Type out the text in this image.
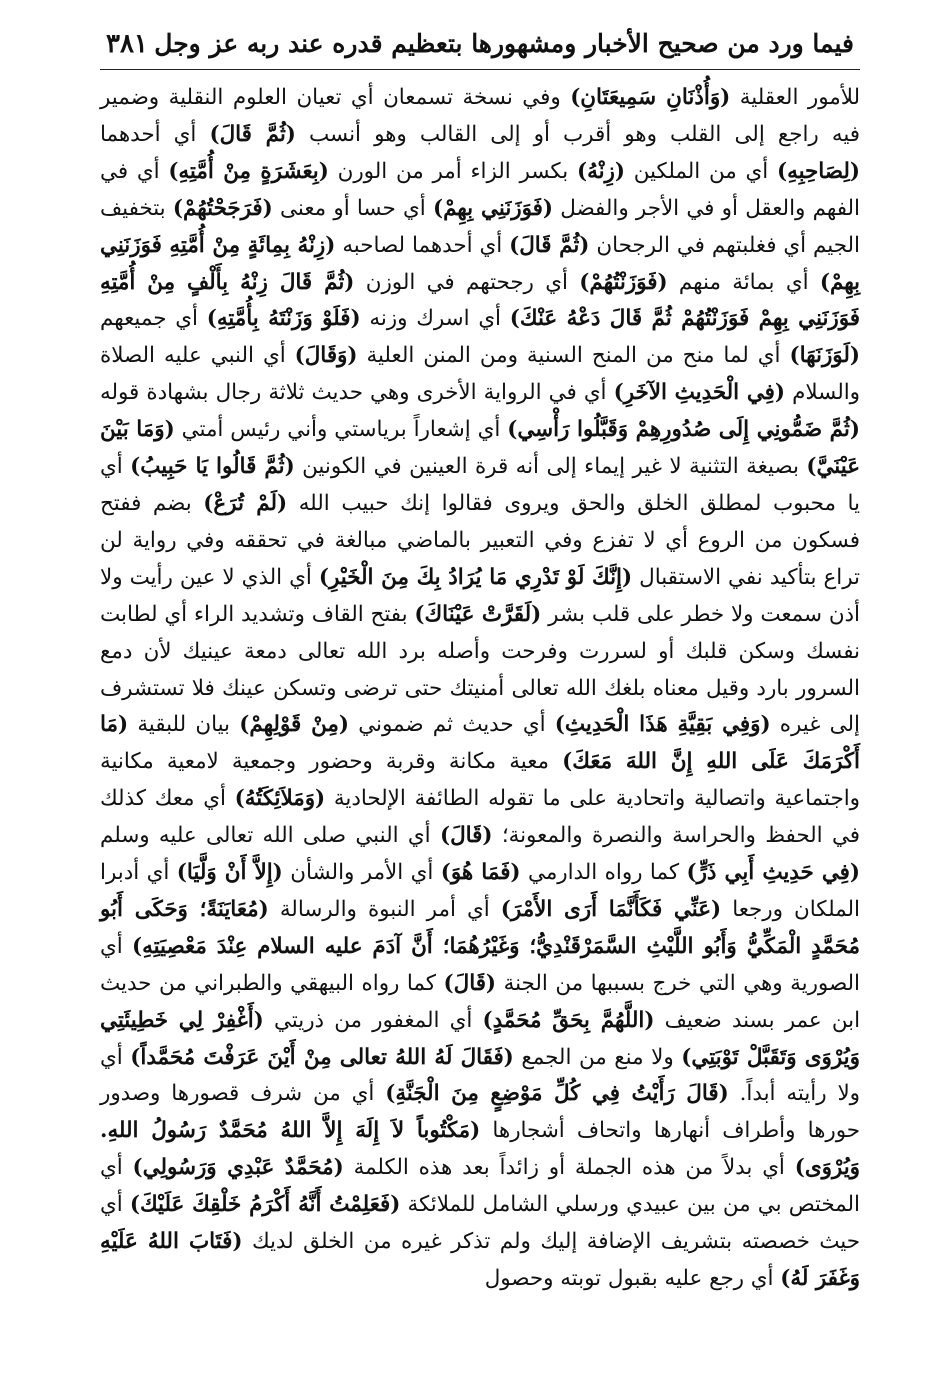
فيما ورد من صحيح الأخبار ومشهورها بتعظيم قدره عند ربه عز وجل
٣٨١
للأمور العقلية (وَأُذْنَانِ سَمِيعَتَانِ) وفي نسخة تسمعان أي تعيان العلوم النقلية وضمير فيه راجع إلى القلب وهو أقرب أو إلى القالب وهو أنسب (ثُمَّ قَالَ) أي أحدهما (لِصَاحِبِهِ) أي من الملكين (زِنْهُ) بكسر الزاء أمر من الورن (بِعَشَرَةٍ مِنْ أُمَّتِهِ) أي في الفهم والعقل أو في الأجر والفضل (فَوَزَنَنِي بِهِمْ) أي حسا أو معنى (فَرَجَحْتُهُمْ) بتخفيف الجيم أي فغلبتهم في الرجحان (ثُمَّ قَالَ) أي أحدهما لصاحبه (زِنْهُ بِمِائَةٍ مِنْ أُمَّتِهِ فَوَزَنَنِي بِهِمْ) أي بمائة منهم (فَوَزَنْتُهُمْ) أي رجحتهم في الوزن (ثُمَّ قَالَ زِنْهُ بِأَلْفٍ مِنْ أُمَّتِهِ فَوَزَنَنِي بِهِمْ فَوَزَنْتُهُمْ ثُمَّ قَالَ دَعْهُ عَنْكَ) أي اسرك وزنه (فَلَوْ وَزَنْتَهُ بِأُمَّتِهِ) أي جميعهم (لَوَزَنَهَا) أي لما منح من المنح السنية ومن المنن العلية (وَقَالَ) أي النبي عليه الصلاة والسلام (فِي الْحَدِيثِ الآخَرِ) أي في الرواية الأخرى وهي حديث ثلاثة رجال بشهادة قوله (ثُمَّ ضَمُّونِي إِلَى صُدُورِهِمْ وَقَبَّلُوا رَأْسِي) أي إشعاراً برياستي وأني رئيس أمتي (وَمَا بَيْنَ عَيْنَيَّ) بصيغة التثنية لا غير إيماء إلى أنه قرة العينين في الكونين (ثُمَّ قَالُوا يَا حَبِيبُ) أي يا محبوب لمطلق الخلق والحق ويروى فقالوا إنك حبيب الله (لَمْ تُرَعْ) بضم ففتح فسكون من الروع أي لا تفزع وفي التعبير بالماضي مبالغة في تحققه وفي رواية لن تراع بتأكيد نفي الاستقبال (إِنَّكَ لَوْ تَدْرِي مَا يُرَادُ بِكَ مِنَ الْخَيْرِ) أي الذي لا عين رأيت ولا أذن سمعت ولا خطر على قلب بشر (لَقَرَّتْ عَيْنَاكَ) بفتح القاف وتشديد الراء أي لطابت نفسك وسكن قلبك أو لسررت وفرحت وأصله برد الله تعالى دمعة عينيك لأن دمع السرور بارد وقيل معناه بلغك الله تعالى أمنيتك حتى ترضى وتسكن عينك فلا تستشرف إلى غيره (وَفِي بَقِيَّةِ هَذَا الْحَدِيثِ) أي حديث ثم ضموني (مِنْ قَوْلِهِمْ) بيان للبقية (مَا أَكْرَمَكَ عَلَى اللهِ إِنَّ اللهَ مَعَكَ) معية مكانة وقربة وحضور وجمعية لامعية مكانية واجتماعية واتصالية واتحادية على ما تقوله الطائفة الإلحادية (وَمَلاَئِكَتُهُ) أي معك كذلك في الحفظ والحراسة والنصرة والمعونة؛ (قَالَ) أي النبي صلى الله تعالى عليه وسلم (فِي حَدِيثِ أَبِي ذَرٍّ) كما رواه الدارمي (فَمَا هُوَ) أي الأمر والشأن (إِلاَّ أَنْ وَلَّيَا) أي أدبرا الملكان ورجعا (عَنِّي فَكَأَنَّمَا أَرَى الأَمْرَ) أي أمر النبوة والرسالة (مُعَايَنَةً؛ وَحَكَى أَبُو مُحَمَّدٍ الْمَكِّيُّ وَأَبُو اللَّيْثِ السَّمَرْقَنْدِيُّ؛ وَغَيْرُهُمَا؛ أَنَّ آدَمَ عليه السلام عِنْدَ مَعْصِيَتِهِ) أي الصورية وهي التي خرج بسببها من الجنة (قَالَ) كما رواه البيهقي والطبراني من حديث ابن عمر بسند ضعيف (اللَّهُمَّ بِحَقِّ مُحَمَّدٍ) أي المغفور من ذريتي (أَغْفِرْ لِي خَطِيئَتِي وَيُرْوَى وَتَقَبَّلْ تَوْبَتِي) ولا منع من الجمع (فَقَالَ لَهُ اللهُ تعالى مِنْ أَيْنَ عَرَفْتَ مُحَمَّداً) أي ولا رأيته أبداً. (قَالَ رَأَيْتُ فِي كُلِّ مَوْضِعٍ مِنَ الْجَنَّةِ) أي من شرف قصورها وصدور حورها وأطراف أنهارها واتحاف أشجارها (مَكْتُوباً لاَ إِلَهَ إِلاَّ اللهُ مُحَمَّدٌ رَسُولُ اللهِ. وَيُرْوَى) أي بدلاً من هذه الجملة أو زائداً بعد هذه الكلمة (مُحَمَّدٌ عَبْدِي وَرَسُولِي) أي المختص بي من بين عبيدي ورسلي الشامل للملائكة (فَعَلِمْتُ أَنَّهُ أَكْرَمُ خَلْقِكَ عَلَيْكَ) أي حيث خصصته بتشريف الإضافة إليك ولم تذكر غيره من الخلق لديك (فَتَابَ اللهُ عَلَيْهِ وَغَفَرَ لَهُ) أي رجع عليه بقبول توبته وحصول
